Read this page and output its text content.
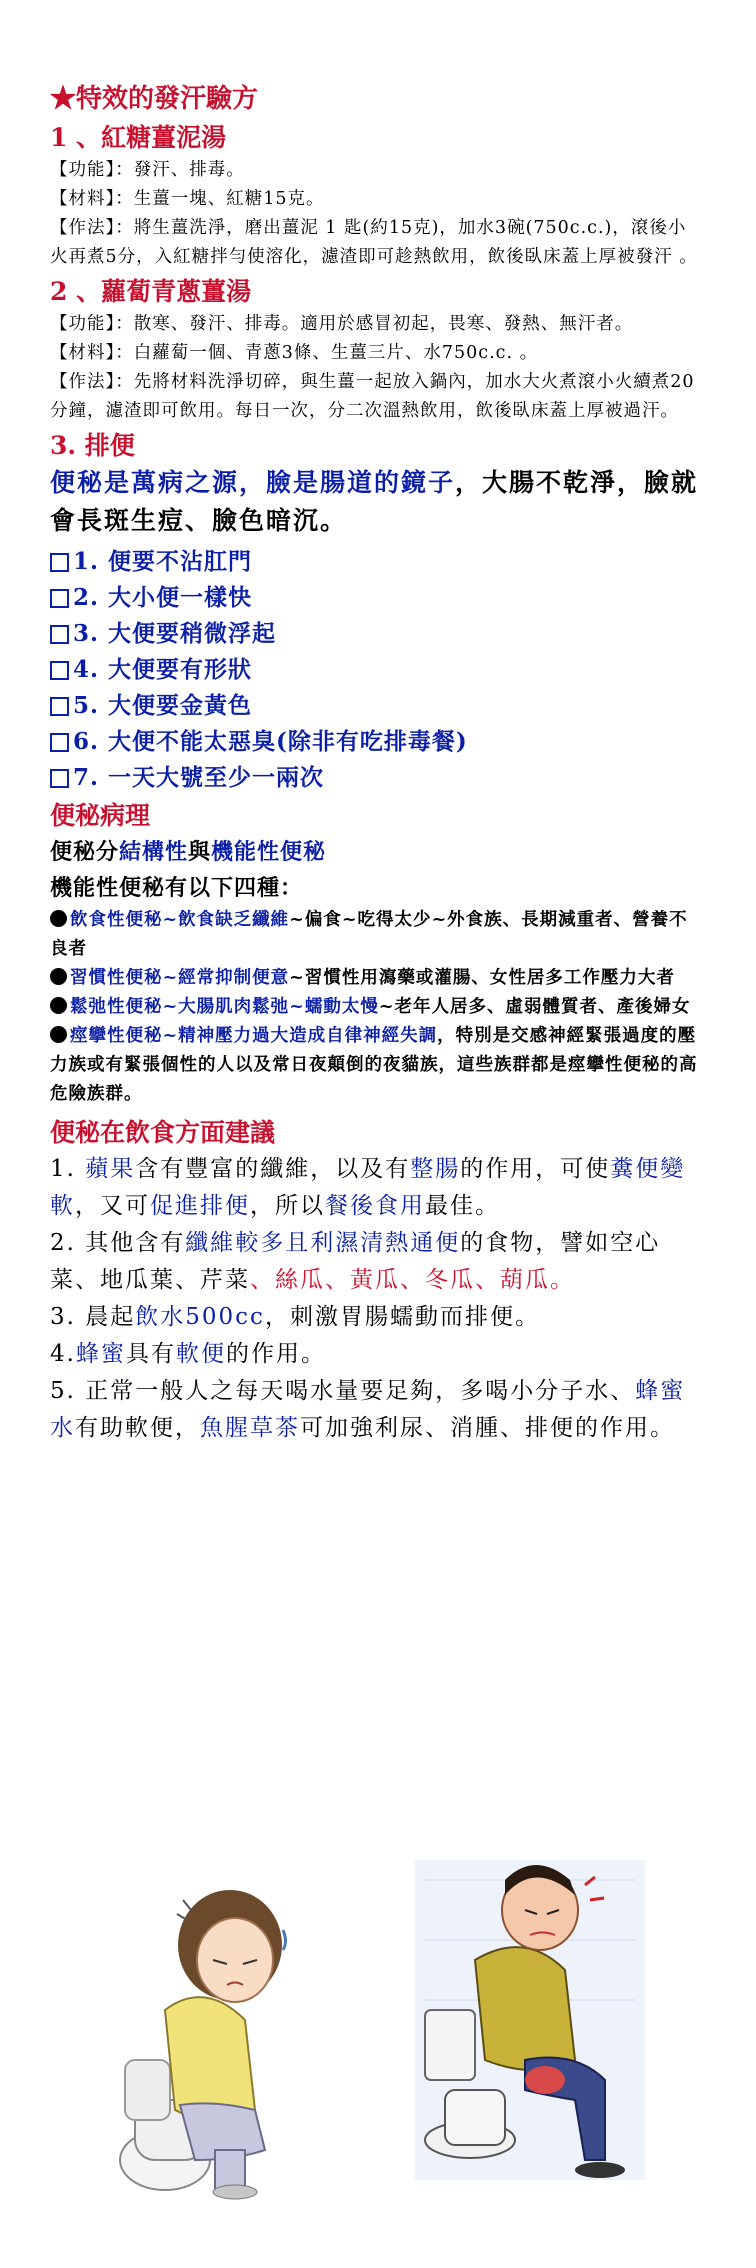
★特效的發汗驗方
1 、紅糖薑泥湯
【功能】：發汗、排毒。
【材料】：生薑一塊、紅糖15克。
【作法】：將生薑洗淨，磨出薑泥 1 匙(約15克)，加水3碗(750c.c.)，滾後小火再煮5分，入紅糖拌勻使溶化，濾渣即可趁熱飲用，飲後臥床蓋上厚被發汗 。
2 、蘿蔔青蔥薑湯
【功能】：散寒、發汗、排毒。適用於感冒初起，畏寒、發熱、無汗者。
【材料】：白蘿蔔一個、青蔥3條、生薑三片、水750c.c. 。
【作法】：先將材料洗淨切碎，與生薑一起放入鍋內，加水大火煮滾小火續煮20分鐘，濾渣即可飲用。每日一次，分二次溫熱飲用，飲後臥床蓋上厚被過汗。
3. 排便
便秘是萬病之源，臉是腸道的鏡子，大腸不乾淨，臉就會長斑生痘、臉色暗沉。
1. 便要不沾肛門
2. 大小便一樣快
3. 大便要稍微浮起
4. 大便要有形狀
5. 大便要金黃色
6. 大便不能太惡臭(除非有吃排毒餐)
7. 一天大號至少一兩次
便秘病理
便秘分結構性與機能性便秘
機能性便秘有以下四種：
飲食性便秘~飲食缺乏纖維~偏食~吃得太少~外食族、長期減重者、營養不良者
習慣性便秘~經常抑制便意~習慣性用瀉藥或灌腸、女性居多工作壓力大者
鬆弛性便秘~大腸肌肉鬆弛~蠕動太慢~老年人居多、虛弱體質者、產後婦女
痙攣性便秘~精神壓力過大造成自律神經失調，特別是交感神經緊張過度的壓力族或有緊張個性的人以及常日夜顛倒的夜貓族，這些族群都是痙攣性便秘的高危險族群。
便秘在飲食方面建議
1. 蘋果含有豐富的纖維，以及有整腸的作用，可使糞便變軟，又可促進排便，所以餐後食用最佳。
2. 其他含有纖維較多且利濕清熱通便的食物，譬如空心菜、地瓜葉、芹菜、絲瓜、黃瓜、冬瓜、葫瓜。
3. 晨起飲水500cc，刺激胃腸蠕動而排便。
4.蜂蜜具有軟便的作用。
5. 正常一般人之每天喝水量要足夠，多喝小分子水、蜂蜜水有助軟便，魚腥草茶可加強利尿、消腫、排便的作用。
